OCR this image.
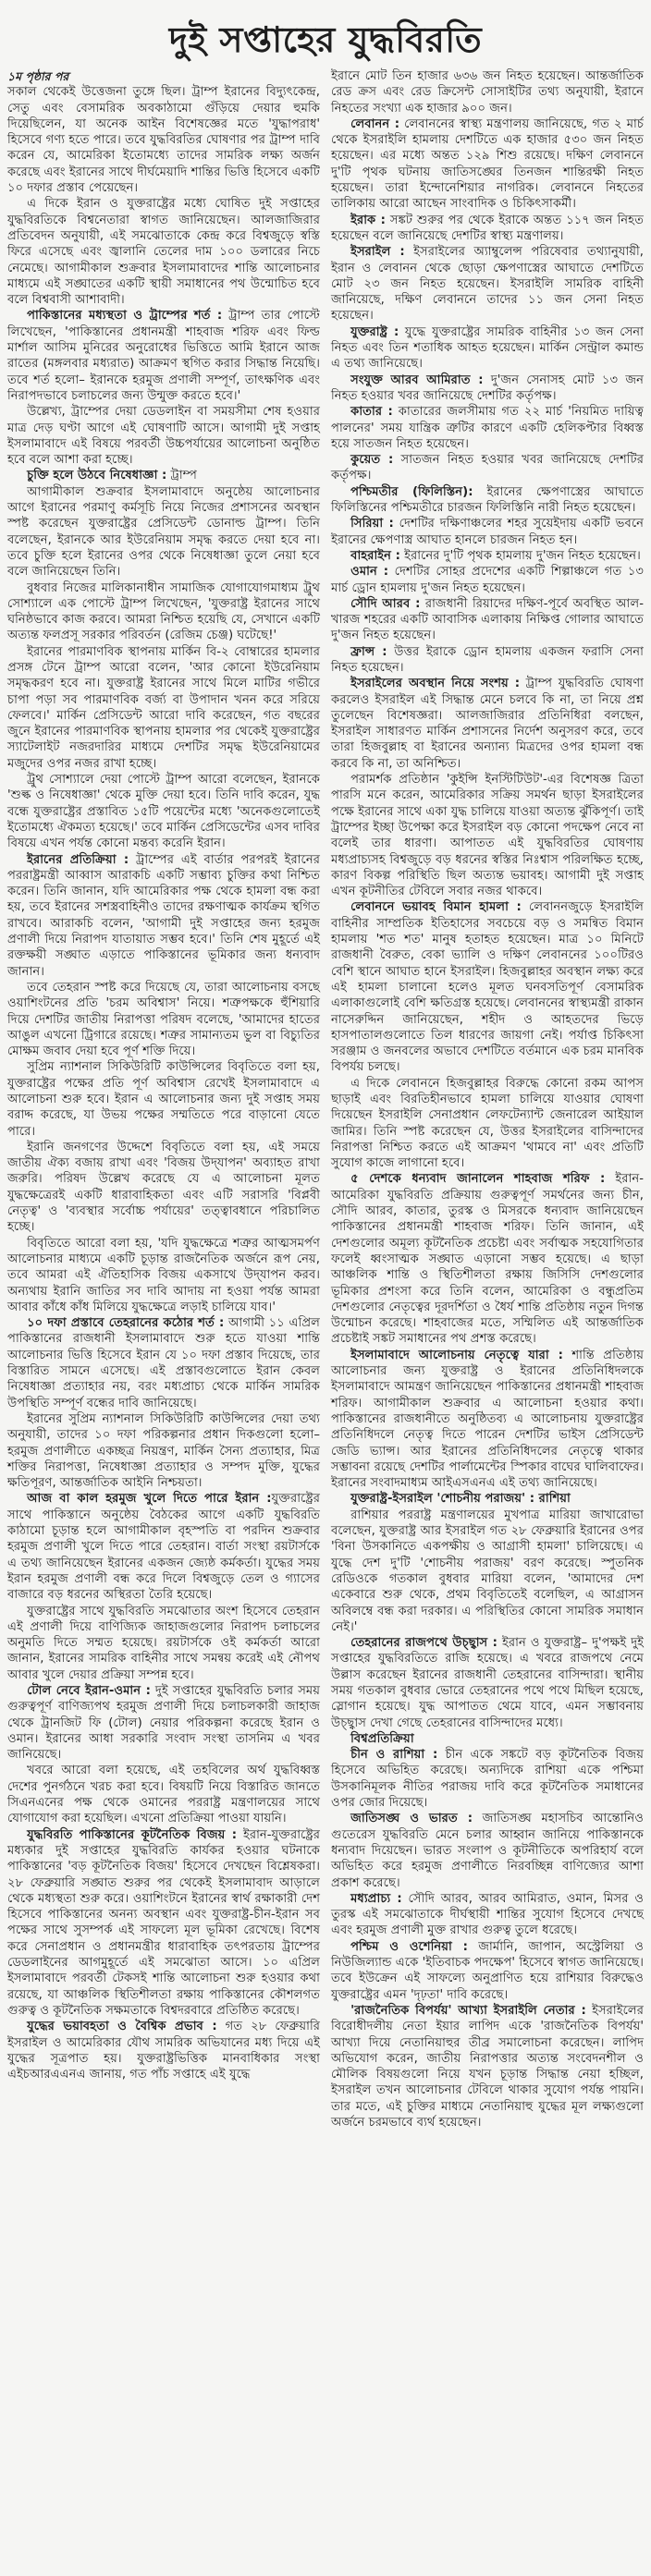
দুই সপ্তাহের যুদ্ধবিরতি

১ম পৃষ্ঠার পর

সকাল থেকেই উত্তেজনা তুঙ্গে ছিল। ট্রাম্প ইরানের বিদ্যুৎকেন্দ্র, সেতু এবং বেসামরিক অবকাঠামো গুঁড়িয়ে দেয়ার হুমকি দিয়েছিলেন, যা অনেক আইন বিশেষজ্ঞের মতে 'যুদ্ধাপরাধ' হিসেবে গণ্য হতে পারে। তবে যুদ্ধবিরতির ঘোষণার পর ট্রাম্প দাবি করেন যে, আমেরিকা ইতোমধ্যে তাদের সামরিক লক্ষ্য অর্জন করেছে এবং ইরানের সাথে দীর্ঘমেয়াদি শান্তির ভিত্তি হিসেবে একটি ১০ দফার প্রস্তাব পেয়েছেন।

এ দিকে ইরান ও যুক্তরাষ্ট্রের মধ্যে ঘোষিত দুই সপ্তাহের যুদ্ধবিরতিকে বিশ্বনেতারা স্বাগত জানিয়েছেন। আলজাজিরার প্রতিবেদন অনুযায়ী, এই সমঝোতাকে কেন্দ্র করে বিশ্বজুড়ে স্বস্তি ফিরে এসেছে এবং জ্বালানি তেলের দাম ১০০ ডলারের নিচে নেমেছে। আগামীকাল শুক্রবার ইসলামাবাদের শান্তি আলোচনার মাধ্যমে এই সঙ্ঘাতের একটি স্থায়ী সমাধানের পথ উন্মোচিত হবে বলে বিশ্ববাসী আশাবাদী।

পাকিস্তানের মধ্যস্থতা ও ট্রাম্পের শর্ত : ট্রাম্প তার পোস্টে লিখেছেন, 'পাকিস্তানের প্রধানমন্ত্রী শাহবাজ শরিফ এবং ফিল্ড মার্শাল আসিম মুনিরের অনুরোধের ভিত্তিতে আমি ইরানে আজ রাতের (মঙ্গলবার মধ্যরাত) আক্রমণ স্থগিত করার সিদ্ধান্ত নিয়েছি। তবে শর্ত হলো– ইরানকে হরমুজ প্রণালী সম্পূর্ণ, তাৎক্ষণিক এবং নিরাপদভাবে চলাচলের জন্য উন্মুক্ত করতে হবে।'

উল্লেখ্য, ট্রাম্পের দেয়া ডেডলাইন বা সময়সীমা শেষ হওয়ার মাত্র দেড় ঘণ্টা আগে এই ঘোষণাটি আসে। আগামী দুই সপ্তাহ ইসলামাবাদে এই বিষয়ে পরবর্তী উচ্চপর্যায়ের আলোচনা অনুষ্ঠিত হবে বলে আশা করা হচ্ছে।

চুক্তি হলে উঠবে নিষেধাজ্ঞা : ট্রাম্প

আগামীকাল শুক্রবার ইসলামাবাদে অনুষ্ঠেয় আলোচনার আগে ইরানের পরমাণু কর্মসূচি নিয়ে নিজের প্রশাসনের অবস্থান স্পষ্ট করেছেন যুক্তরাষ্ট্রের প্রেসিডেন্ট ডোনাল্ড ট্রাম্প। তিনি বলেছেন, ইরানকে আর ইউরেনিয়াম সমৃদ্ধ করতে দেয়া হবে না। তবে চুক্তি হলে ইরানের ওপর থেকে নিষেধাজ্ঞা তুলে নেয়া হবে বলে জানিয়েছেন তিনি।

বুধবার নিজের মালিকানাধীন সামাজিক যোগাযোগমাধ্যম ট্রুথ সোশ্যালে এক পোস্টে ট্রাম্প লিখেছেন, 'যুক্তরাষ্ট্র ইরানের সাথে ঘনিষ্ঠভাবে কাজ করবে। আমরা নিশ্চিত হয়েছি যে, সেখানে একটি অত্যন্ত ফলপ্রসূ সরকার পরিবর্তন (রেজিম চেঞ্জ) ঘটেছে!'

ইরানের পারমাণবিক স্থাপনায় মার্কিন বি-২ বোম্বারের হামলার প্রসঙ্গ টেনে ট্রাম্প আরো বলেন, 'আর কোনো ইউরেনিয়াম সমৃদ্ধকরণ হবে না। যুক্তরাষ্ট্র ইরানের সাথে মিলে মাটির গভীরে চাপা পড়া সব পারমাণবিক বর্জ্য বা উপাদান খনন করে সরিয়ে ফেলবে।' মার্কিন প্রেসিডেন্ট আরো দাবি করেছেন, গত বছরের জুনে ইরানের পারমাণবিক স্থাপনায় হামলার পর থেকেই যুক্তরাষ্ট্রের স্যাটেলাইট নজরদারির মাধ্যমে দেশটির সমৃদ্ধ ইউরেনিয়ামের মজুদের ওপর নজর রাখা হচ্ছে।

ট্রুথ সোশ্যালে দেয়া পোস্টে ট্রাম্প আরো বলেছেন, ইরানকে 'শুল্ক ও নিষেধাজ্ঞা' থেকে মুক্তি দেয়া হবে। তিনি দাবি করেন, যুদ্ধ বন্ধে যুক্তরাষ্ট্রের প্রস্তাবিত ১৫টি পয়েন্টের মধ্যে 'অনেকগুলোতেই ইতোমধ্যে ঐকমত্য হয়েছে।' তবে মার্কিন প্রেসিডেন্টের এসব দাবির বিষয়ে এখন পর্যন্ত কোনো মন্তব্য করেনি ইরান।

ইরানের প্রতিক্রিয়া : ট্রাম্পের এই বার্তার পরপরই ইরানের পররাষ্ট্রমন্ত্রী আব্বাস আরাকচি একটি সম্ভাব্য চুক্তির কথা নিশ্চিত করেন। তিনি জানান, যদি আমেরিকার পক্ষ থেকে হামলা বন্ধ করা হয়, তবে ইরানের সশস্ত্রবাহিনীও তাদের রক্ষণাত্মক কার্যক্রম স্থগিত রাখবে। আরাকচি বলেন, 'আগামী দুই সপ্তাহের জন্য হরমুজ প্রণালী দিয়ে নিরাপদ যাতায়াত সম্ভব হবে।' তিনি শেষ মুহূর্তে এই রক্তক্ষয়ী সঙ্ঘাত এড়াতে পাকিস্তানের ভূমিকার জন্য ধন্যবাদ জানান।

তবে তেহরান স্পষ্ট করে দিয়েছে যে, তারা আলোচনায় বসছে ওয়াশিংটনের প্রতি 'চরম অবিশ্বাস' নিয়ে। শত্রুপক্ষকে হুঁশিয়ারি দিয়ে দেশটির জাতীয় নিরাপত্তা পরিষদ বলেছে, 'আমাদের হাতের আঙুল এখনো ট্রিগারে রয়েছে। শত্রুর সামান্যতম ভুল বা বিচ্যুতির মোক্ষম জবাব দেয়া হবে পূর্ণ শক্তি দিয়ে।

সুপ্রিম ন্যাশনাল সিকিউরিটি কাউন্সিলের বিবৃতিতে বলা হয়, যুক্তরাষ্ট্রের পক্ষের প্রতি পূর্ণ অবিশ্বাস রেখেই ইসলামাবাদে এ আলোচনা শুরু হবে। ইরান এ আলোচনার জন্য দুই সপ্তাহ সময় বরাদ্দ করেছে, যা উভয় পক্ষের সম্মতিতে পরে বাড়ানো যেতে পারে।

ইরানি জনগণের উদ্দেশে বিবৃতিতে বলা হয়, এই সময়ে জাতীয় ঐক্য বজায় রাখা এবং 'বিজয় উদ্‌যাপন' অব্যাহত রাখা জরুরি। পরিষদ উল্লেখ করেছে যে এ আলোচনা মূলত যুদ্ধক্ষেত্রেরই একটি ধারাবাহিকতা এবং এটি সরাসরি 'বিপ্লবী নেতৃত্ব' ও 'ব্যবস্থার সর্বোচ্চ পর্যায়ের' তত্ত্বাবধানে পরিচালিত হচ্ছে।

বিবৃতিতে আরো বলা হয়, 'যদি যুদ্ধক্ষেত্রে শত্রুর আত্মসমর্পণ আলোচনার মাধ্যমে একটি চূড়ান্ত রাজনৈতিক অর্জনে রূপ নেয়, তবে আমরা এই ঐতিহাসিক বিজয় একসাথে উদ্‌যাপন করব। অন্যথায় ইরানি জাতির সব দাবি আদায় না হওয়া পর্যন্ত আমরা আবার কাঁধে কাঁধ মিলিয়ে যুদ্ধক্ষেত্রে লড়াই চালিয়ে যাব।'

১০ দফা প্রস্তাবে তেহরানের কঠোর শর্ত : আগামী ১১ এপ্রিল পাকিস্তানের রাজধানী ইসলামাবাদে শুরু হতে যাওয়া শান্তি আলোচনার ভিত্তি হিসেবে ইরান যে ১০ দফা প্রস্তাব দিয়েছে, তার বিস্তারিত সামনে এসেছে। এই প্রস্তাবগুলোতে ইরান কেবল নিষেধাজ্ঞা প্রত্যাহার নয়, বরং মধ্যপ্রাচ্য থেকে মার্কিন সামরিক উপস্থিতি সম্পূর্ণ বন্ধের দাবি জানিয়েছে।

ইরানের সুপ্রিম ন্যাশনাল সিকিউরিটি কাউন্সিলের দেয়া তথ্য অনুযায়ী, তাদের ১০ দফা পরিকল্পনার প্রধান দিকগুলো হলো– হরমুজ প্রণালীতে একচ্ছত্র নিয়ন্ত্রণ, মার্কিন সৈন্য প্রত্যাহার, মিত্র শক্তির নিরাপত্তা, নিষেধাজ্ঞা প্রত্যাহার ও সম্পদ মুক্তি, যুদ্ধের ক্ষতিপূরণ, আন্তর্জাতিক আইনি নিশ্চয়তা।

আজ বা কাল হরমুজ খুলে দিতে পারে ইরান :যুক্তরাষ্ট্রের সাথে পাকিস্তানে অনুষ্ঠেয় বৈঠকের আগে একটি যুদ্ধবিরতি কাঠামো চূড়ান্ত হলে আগামীকাল বৃহস্পতি বা পরদিন শুক্রবার হরমুজ প্রণালী খুলে দিতে পারে তেহরান। বার্তা সংস্থা রয়টার্সকে এ তথ্য জানিয়েছেন ইরানের একজন জ্যেষ্ঠ কর্মকর্তা। যুদ্ধের সময় ইরান হরমুজ প্রণালী বন্ধ করে দিলে বিশ্বজুড়ে তেল ও গ্যাসের বাজারে বড় ধরনের অস্থিরতা তৈরি হয়েছে।

যুক্তরাষ্ট্রের সাথে যুদ্ধবিরতি সমঝোতার অংশ হিসেবে তেহরান এই প্রণালী দিয়ে বাণিজ্যিক জাহাজগুলোর নিরাপদ চলাচলের অনুমতি দিতে সম্মত হয়েছে। রয়টার্সকে ওই কর্মকর্তা আরো জানান, ইরানের সামরিক বাহিনীর সাথে সমন্বয় করেই এই নৌপথ আবার খুলে দেয়ার প্রক্রিয়া সম্পন্ন হবে।

টোল নেবে ইরান-ওমান : দুই সপ্তাহের যুদ্ধবিরতি চলার সময় গুরুত্বপূর্ণ বাণিজ্যপথ হরমুজ প্রণালী দিয়ে চলাচলকারী জাহাজ থেকে ট্রানজিট ফি (টোল) নেয়ার পরিকল্পনা করেছে ইরান ও ওমান। ইরানের আধা সরকারি সংবাদ সংস্থা তাসনিম এ খবর জানিয়েছে।

খবরে আরো বলা হয়েছে, এই তহবিলের অর্থ যুদ্ধবিধ্বস্ত দেশের পুনর্গঠনে খরচ করা হবে। বিষয়টি নিয়ে বিস্তারিত জানতে সিএনএনের পক্ষ থেকে ওমানের পররাষ্ট্র মন্ত্রণালয়ের সাথে যোগাযোগ করা হয়েছিল। এখনো প্রতিক্রিয়া পাওয়া যায়নি।

যুদ্ধবিরতি পাকিস্তানের কূটনৈতিক বিজয় : ইরান-যুক্তরাষ্ট্রের মধ্যকার দুই সপ্তাহের যুদ্ধবিরতি কার্যকর হওয়ার ঘটনাকে পাকিস্তানের 'বড় কূটনৈতিক বিজয়' হিসেবে দেখছেন বিশ্লেষকরা। ২৮ ফেব্রুয়ারি সঙ্ঘাত শুরুর পর থেকেই ইসলামাবাদ আড়ালে থেকে মধ্যস্থতা শুরু করে। ওয়াশিংটনে ইরানের স্বার্থ রক্ষাকারী দেশ হিসেবে পাকিস্তানের অনন্য অবস্থান এবং যুক্তরাষ্ট্র-চীন-ইরান সব পক্ষের সাথে সুসম্পর্ক এই সাফল্যে মূল ভূমিকা রেখেছে। বিশেষ করে সেনাপ্রধান ও প্রধানমন্ত্রীর ধারাবাহিক তৎপরতায় ট্রাম্পের ডেডলাইনের আগমুহূর্তে এই সমঝোতা আসে। ১০ এপ্রিল ইসলামাবাদে পরবর্তী টেকসই শান্তি আলোচনা শুরু হওয়ার কথা রয়েছে, যা আঞ্চলিক স্থিতিশীলতা রক্ষায় পাকিস্তানের কৌশলগত গুরুত্ব ও কূটনৈতিক সক্ষমতাকে বিশ্বদরবারে প্রতিষ্ঠিত করেছে।

যুদ্ধের ভয়াবহতা ও বৈশ্বিক প্রভাব : গত ২৮ ফেব্রুয়ারি ইসরাইল ও আমেরিকার যৌথ সামরিক অভিযানের মধ্য দিয়ে এই যুদ্ধের সূত্রপাত হয়। যুক্তরাষ্ট্রভিত্তিক মানবাধিকার সংস্থা এইচআরএএনএ জানায়, গত পাঁচ সপ্তাহে এই যুদ্ধে

ইরানে মোট তিন হাজার ৬৩৬ জন নিহত হয়েছেন। আন্তর্জাতিক রেড ক্রস এবং রেড ক্রিসেন্ট সোসাইটির তথ্য অনুযায়ী, ইরানে নিহতের সংখ্যা এক হাজার ৯০০ জন।

লেবানন : লেবাননের স্বাস্থ্য মন্ত্রণালয় জানিয়েছে, গত ২ মার্চ থেকে ইসরাইলি হামলায় দেশটিতে এক হাজার ৫৩০ জন নিহত হয়েছেন। এর মধ্যে অন্তত ১২৯ শিশু রয়েছে। দক্ষিণ লেবাননে দু'টি পৃথক ঘটনায় জাতিসঙ্ঘের তিনজন শান্তিরক্ষী নিহত হয়েছেন। তারা ইন্দোনেশিয়ার নাগরিক। লেবাননে নিহতের তালিকায় আরো আছেন সাংবাদিক ও চিকিৎসাকর্মী।

ইরাক : সঙ্কট শুরুর পর থেকে ইরাকে অন্তত ১১৭ জন নিহত হয়েছেন বলে জানিয়েছে দেশটির স্বাস্থ্য মন্ত্রণালয়।

ইসরাইল : ইসরাইলের অ্যাম্বুলেন্স পরিষেবার তথ্যানুযায়ী, ইরান ও লেবানন থেকে ছোড়া ক্ষেপণাস্ত্রের আঘাতে দেশটিতে মোট ২৩ জন নিহত হয়েছেন। ইসরাইলি সামরিক বাহিনী জানিয়েছে, দক্ষিণ লেবাননে তাদের ১১ জন সেনা নিহত হয়েছেন।

যুক্তরাষ্ট্র : যুদ্ধে যুক্তরাষ্ট্রের সামরিক বাহিনীর ১৩ জন সেনা নিহত এবং তিন শতাধিক আহত হয়েছেন। মার্কিন সেন্ট্রাল কমান্ড এ তথ্য জানিয়েছে।

সংযুক্ত আরব আমিরাত : দু'জন সেনাসহ মোট ১৩ জন নিহত হওয়ার খবর জানিয়েছে দেশটির কর্তৃপক্ষ।

কাতার : কাতারের জলসীমায় গত ২২ মার্চ 'নিয়মিত দায়িত্ব পালনের' সময় যান্ত্রিক ত্রুটির কারণে একটি হেলিকপ্টার বিধ্বস্ত হয়ে সাতজন নিহত হয়েছেন।

কুয়েত : সাতজন নিহত হওয়ার খবর জানিয়েছে দেশটির কর্তৃপক্ষ।

পশ্চিমতীর (ফিলিস্তিন): ইরানের ক্ষেপণাস্ত্রের আঘাতে ফিলিস্তিনের পশ্চিমতীরে চারজন ফিলিস্তিনি নারী নিহত হয়েছেন।

সিরিয়া : দেশটির দক্ষিণাঞ্চলের শহর সুয়েইদায় একটি ভবনে ইরানের ক্ষেপণাস্ত্র আঘাত হানলে চারজন নিহত হন।

বাহরাইন : ইরানের দু'টি পৃথক হামলায় দু'জন নিহত হয়েছেন।

ওমান : দেশটির সোহর প্রদেশের একটি শিল্পাঞ্চলে গত ১৩ মার্চ ড্রোন হামলায় দু'জন নিহত হয়েছেন।

সৌদি আরব : রাজধানী রিয়াদের দক্ষিণ-পূর্বে অবস্থিত আল-খারজ শহরের একটি আবাসিক এলাকায় নিক্ষিপ্ত গোলার আঘাতে দু'জন নিহত হয়েছেন।

ফ্রান্স : উত্তর ইরাকে ড্রোন হামলায় একজন ফরাসি সেনা নিহত হয়েছেন।

ইসরাইলের অবস্থান নিয়ে সংশয় : ট্রাম্প যুদ্ধবিরতি ঘোষণা করলেও ইসরাইল এই সিদ্ধান্ত মেনে চলবে কি না, তা নিয়ে প্রশ্ন তুলেছেন বিশেষজ্ঞরা। আলজাজিরার প্রতিনিধিরা বলছেন, ইসরাইল সাধারণত মার্কিন প্রশাসনের নির্দেশ অনুসরণ করে, তবে তারা হিজবুল্লাহ বা ইরানের অন্যান্য মিত্রদের ওপর হামলা বন্ধ করবে কি না, তা অনিশ্চিত।

পরামর্শক প্রতিষ্ঠান 'কুইন্সি ইনস্টিটিউট'-এর বিশেষজ্ঞ ত্রিতা পারসি মনে করেন, আমেরিকার সক্রিয় সমর্থন ছাড়া ইসরাইলের পক্ষে ইরানের সাথে একা যুদ্ধ চালিয়ে যাওয়া অত্যন্ত ঝুঁকিপূর্ণ। তাই ট্রাম্পের ইচ্ছা উপেক্ষা করে ইসরাইল বড় কোনো পদক্ষেপ নেবে না বলেই তার ধারণা। আপাতত এই যুদ্ধবিরতির ঘোষণায় মধ্যপ্রাচ্যসহ বিশ্বজুড়ে বড় ধরনের স্বস্তির নিঃশ্বাস পরিলক্ষিত হচ্ছে, কারণ বিকল্প পরিস্থিতি ছিল অত্যন্ত ভয়াবহ। আগামী দুই সপ্তাহ এখন কূটনীতির টেবিলে সবার নজর থাকবে।

লেবাননে ভয়াবহ বিমান হামলা : লেবাননজুড়ে ইসরাইলি বাহিনীর সাম্প্রতিক ইতিহাসের সবচেয়ে বড় ও সমন্বিত বিমান হামলায় 'শত শত' মানুষ হতাহত হয়েছেন। মাত্র ১০ মিনিটে রাজধানী বৈরুত, বেকা ভ্যালি ও দক্ষিণ লেবাননের ১০০টিরও বেশি স্থানে আঘাত হানে ইসরাইল। হিজবুল্লাহর অবস্থান লক্ষ্য করে এই হামলা চালানো হলেও মূলত ঘনবসতিপূর্ণ বেসামরিক এলাকাগুলোই বেশি ক্ষতিগ্রস্ত হয়েছে। লেবাননের স্বাস্থ্যমন্ত্রী রাকান নাসেরুদ্দিন জানিয়েছেন, শহীদ ও আহতদের ভিড়ে হাসপাতালগুলোতে তিল ধারণের জায়গা নেই। পর্যাপ্ত চিকিৎসা সরঞ্জাম ও জনবলের অভাবে দেশটিতে বর্তমানে এক চরম মানবিক বিপর্যয় চলছে।

এ দিকে লেবাননে হিজবুল্লাহর বিরুদ্ধে কোনো রকম আপস ছাড়াই এবং বিরতিহীনভাবে হামলা চালিয়ে যাওয়ার ঘোষণা দিয়েছেন ইসরাইলি সেনাপ্রধান লেফটেন্যান্ট জেনারেল আইয়াল জামির। তিনি স্পষ্ট করেছেন যে, উত্তর ইসরাইলের বাসিন্দাদের নিরাপত্তা নিশ্চিত করতে এই আক্রমণ 'থামবে না' এবং প্রতিটি সুযোগ কাজে লাগানো হবে।

৫ দেশকে ধন্যবাদ জানালেন শাহবাজ শরিফ : ইরান-আমেরিকা যুদ্ধবিরতি প্রক্রিয়ায় গুরুত্বপূর্ণ সমর্থনের জন্য চীন, সৌদি আরব, কাতার, তুরস্ক ও মিসরকে ধন্যবাদ জানিয়েছেন পাকিস্তানের প্রধানমন্ত্রী শাহবাজ শরিফ। তিনি জানান, এই দেশগুলোর অমূল্য কূটনৈতিক প্রচেষ্টা এবং সর্বাত্মক সহযোগিতার ফলেই ধ্বংসাত্মক সঙ্ঘাত এড়ানো সম্ভব হয়েছে। এ ছাড়া আঞ্চলিক শান্তি ও স্থিতিশীলতা রক্ষায় জিসিসি দেশগুলোর ভূমিকার প্রশংসা করে তিনি বলেন, আমেরিকা ও বন্ধুপ্রতিম দেশগুলোর নেতৃত্বের দূরদর্শিতা ও ধৈর্য শান্তি প্রতিষ্ঠায় নতুন দিগন্ত উন্মোচন করেছে। শাহবাজের মতে, সম্মিলিত এই আন্তর্জাতিক প্রচেষ্টাই সঙ্কট সমাধানের পথ প্রশস্ত করেছে।

ইসলামাবাদে আলোচনায় নেতৃত্বে যারা : শান্তি প্রতিষ্ঠায় আলোচনার জন্য যুক্তরাষ্ট্র ও ইরানের প্রতিনিধিদলকে ইসলামাবাদে আমন্ত্রণ জানিয়েছেন পাকিস্তানের প্রধানমন্ত্রী শাহবাজ শরিফ। আগামীকাল শুক্রবার এ আলোচনা হওয়ার কথা। পাকিস্তানের রাজধানীতে অনুষ্ঠিতব্য এ আলোচনায় যুক্তরাষ্ট্রের প্রতিনিধিদলে নেতৃত্ব দিতে পারেন দেশটির ভাইস প্রেসিডেন্ট জেডি ভ্যান্স। আর ইরানের প্রতিনিধিদলের নেতৃত্বে থাকার সম্ভাবনা রয়েছে দেশটির পার্লামেন্টের স্পিকার বাঘের ঘালিবাফের। ইরানের সংবাদমাধ্যম আইএসএনএ এই তথ্য জানিয়েছে।

যুক্তরাষ্ট্র-ইসরাইল 'শোচনীয় পরাজয়' : রাশিয়া

রাশিয়ার পররাষ্ট্র মন্ত্রণালয়ের মুখপাত্র মারিয়া জাখারোভা বলেছেন, যুক্তরাষ্ট্র আর ইসরাইল গত ২৮ ফেব্রুয়ারি ইরানের ওপর 'বিনা উসকানিতে একপক্ষীয় ও আগ্রাসী হামলা' চালিয়েছে। এ যুদ্ধে দেশ দু'টি 'শোচনীয় পরাজয়' বরণ করেছে। স্পুতনিক রেডিওকে গতকাল বুধবার মারিয়া বলেন, 'আমাদের দেশ একেবারে শুরু থেকে, প্রথম বিবৃতিতেই বলেছিল, এ আগ্রাসন অবিলম্বে বন্ধ করা দরকার। এ পরিস্থিতির কোনো সামরিক সমাধান নেই।'

তেহরানের রাজপথে উচ্ছ্বাস : ইরান ও যুক্তরাষ্ট্র– দু'পক্ষই দুই সপ্তাহের যুদ্ধবিরতিতে রাজি হয়েছে। এ খবরে রাজপথে নেমে উল্লাস করেছেন ইরানের রাজধানী তেহরানের বাসিন্দারা। স্থানীয় সময় গতকাল বুধবার ভোরে তেহরানের পথে পথে মিছিল হয়েছে, স্লোগান হয়েছে। যুদ্ধ আপাতত থেমে যাবে, এমন সম্ভাবনায় উচ্ছ্বাস দেখা গেছে তেহরানের বাসিন্দাদের মধ্যে।

বিশ্বপ্রতিক্রিয়া

চীন ও রাশিয়া : চীন একে সঙ্কটে বড় কূটনৈতিক বিজয় হিসেবে অভিহিত করেছে। অন্যদিকে রাশিয়া একে পশ্চিমা উসকানিমূলক নীতির পরাজয় দাবি করে কূটনৈতিক সমাধানের ওপর জোর দিয়েছে।

জাতিসঙ্ঘ ও ভারত : জাতিসঙ্ঘ মহাসচিব আন্তোনিও গুতেরেস যুদ্ধবিরতি মেনে চলার আহ্বান জানিয়ে পাকিস্তানকে ধন্যবাদ দিয়েছেন। ভারত সংলাপ ও কূটনীতিকে অপরিহার্য বলে অভিহিত করে হরমুজ প্রণালীতে নিরবচ্ছিন্ন বাণিজ্যের আশা প্রকাশ করেছে।

মধ্যপ্রাচ্য : সৌদি আরব, আরব আমিরাত, ওমান, মিসর ও তুরস্ক এই সমঝোতাকে দীর্ঘস্থায়ী শান্তির সুযোগ হিসেবে দেখছে এবং হরমুজ প্রণালী মুক্ত রাখার গুরুত্ব তুলে ধরেছে।

পশ্চিম ও ওশেনিয়া : জার্মানি, জাপান, অস্ট্রেলিয়া ও নিউজিল্যান্ড একে 'ইতিবাচক পদক্ষেপ' হিসেবে স্বাগত জানিয়েছে। তবে ইউক্রেন এই সাফল্যে অনুপ্রাণিত হয়ে রাশিয়ার বিরুদ্ধেও যুক্তরাষ্ট্রের এমন 'দৃঢ়তা' দাবি করেছে।

'রাজনৈতিক বিপর্যয়' আখ্যা ইসরাইলি নেতার : ইসরাইলের বিরোধীদলীয় নেতা ইয়ার লাপিদ একে 'রাজনৈতিক বিপর্যয়' আখ্যা দিয়ে নেতানিয়াহুর তীব্র সমালোচনা করেছেন। লাপিদ অভিযোগ করেন, জাতীয় নিরাপত্তার অত্যন্ত সংবেদনশীল ও মৌলিক বিষয়গুলো নিয়ে যখন চূড়ান্ত সিদ্ধান্ত নেয়া হচ্ছিল, ইসরাইল তখন আলোচনার টেবিলে থাকার সুযোগ পর্যন্ত পায়নি। তার মতে, এই চুক্তির মাধ্যমে নেতানিয়াহু যুদ্ধের মূল লক্ষ্যগুলো অর্জনে চরমভাবে ব্যর্থ হয়েছেন।
